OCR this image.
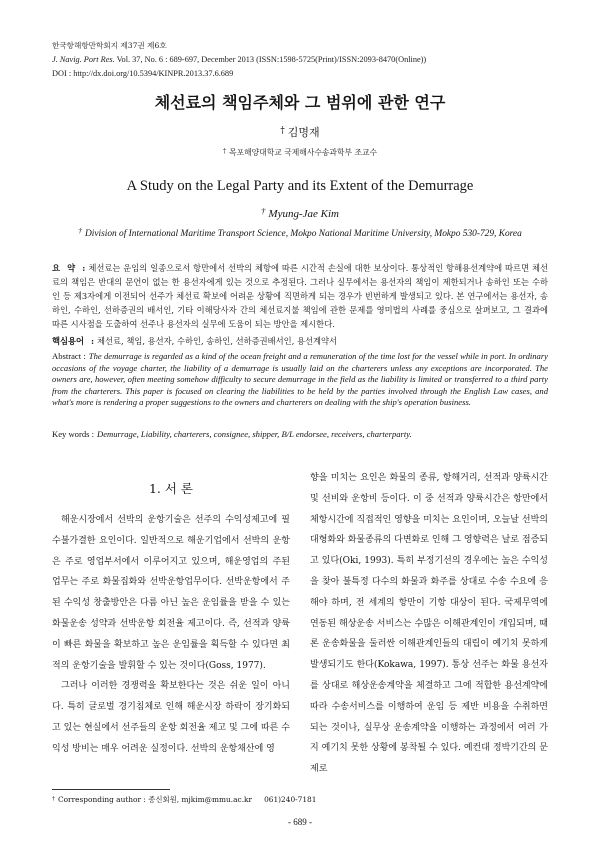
한국항해항만학회지 제37권 제6호
J. Navig. Port Res. Vol. 37, No. 6 : 689-697, December 2013 (ISSN:1598-5725(Print)/ISSN:2093-8470(Online))
DOI : http://dx.doi.org/10.5394/KINPR.2013.37.6.689
체선료의 책임주체와 그 범위에 관한 연구
† 김명재
† 목포해양대학교 국제해사수송과학부 조교수
A Study on the Legal Party and its Extent of the Demurrage
† Myung-Jae Kim
† Division of International Maritime Transport Science, Mokpo National Maritime University, Mokpo 530-729, Korea
요 약 : 체선료는 운임의 일종으로서 항만에서 선박의 체항에 따른 시간적 손실에 대한 보상이다. 통상적인 항해용선계약에 따르면 체선료의 책임은 반대의 문언이 없는 한 용선자에게 있는 것으로 추정된다. 그러나 실무에서는 용선자의 책임이 제한되거나 송하인 또는 수하인 등 제3자에게 이전되어 선주가 체선료 확보에 어려운 상황에 직면하게 되는 경우가 빈번하게 발생되고 있다. 본 연구에서는 용선자, 송하인, 수하인, 선하증권의 배서인, 기타 이해당사자 간의 체선료지불 책임에 관한 문제를 영미법의 사례를 중심으로 살펴보고, 그 결과에 따른 시사점을 도출하여 선주나 용선자의 실무에 도움이 되는 방안을 제시한다.
핵심용어 : 체선료, 책임, 용선자, 수하인, 송하인, 선하증권배서인, 용선계약서
Abstract : The demurrage is regarded as a kind of the ocean freight and a remuneration of the time lost for the vessel while in port. In ordinary occasions of the voyage charter, the liability of a demurrage is usually laid on the charterers unless any exceptions are incorporated. The owners are, however, often meeting somehow difficulty to secure demurrage in the field as the liability is limited or transferred to a third party from the charterers. This paper is focused on clearing the liabilities to be held by the parties involved through the English Law cases, and what's more is rendering a proper suggestions to the owners and charterers on dealing with the ship's operation business.
Key words : Demurrage, Liability, charterers, consignee, shipper, B/L endorsee, receivers, charterparty.
1. 서 론

해운시장에서 선박의 운항기술은 선주의 수익성제고에 필수불가결한 요인이다. 일반적으로 해운기업에서 선박의 운항은 주로 영업부서에서 이루어지고 있으며, 해운영업의 주된 업무는 주로 화물집화와 선박운항업무이다. 선박운항에서 주된 수익성 창출방안은 다름 아닌 높은 운임률을 받을 수 있는 화물운송 성약과 선박운항 회전율 제고이다. 즉, 선적과 양륙이 빠른 화물을 확보하고 높은 운임률을 획득할 수 있다면 최적의 운항기술을 발휘할 수 있는 것이다(Goss, 1977).

그러나 이러한 경쟁력을 확보한다는 것은 쉬운 일이 아니다. 특히 글로벌 경기침체로 인해 해운시장 하락이 장기화되고 있는 현실에서 선주들의 운항 회전율 제고 및 그에 따른 수익성 방비는 매우 어려운 실정이다. 선박의 운항채산에 영

향을 미치는 요인은 화물의 종류, 항해거리, 선적과 양륙시간 및 선비와 운항비 등이다. 이 중 선적과 양륙시간은 항만에서 체항시간에 직접적인 영향을 미치는 요인이며, 오늘날 선박의 대형화와 화물종류의 다변화로 인해 그 영향력은 날로 점증되고 있다(Oki, 1993). 특히 부정기선의 경우에는 높은 수익성을 찾아 불특정 다수의 화물과 화주를 상대로 수송 수요에 응해야 하며, 전 세계의 항만이 기항 대상이 된다. 국제무역에 연동된 해상운송 서비스는 수많은 이해관계인이 개입되며, 때론 운송화물을 둘러싼 이해관계인들의 대립이 예기치 못하게 발생되기도 한다(Kokawa, 1997). 통상 선주는 화물 용선자를 상대로 해상운송계약을 체결하고 그에 적합한 용선계약에 따라 수송서비스를 이행하여 운임 등 제반 비용을 수취하면 되는 것이나, 실무상 운송계약을 이행하는 과정에서 여러 가지 예기치 못한 상황에 봉착될 수 있다. 예컨대 정박기간의 문제로

† Corresponding author : 종신회원, mjkim@mmu.ac.kr 061)240-7181
- 689 -
